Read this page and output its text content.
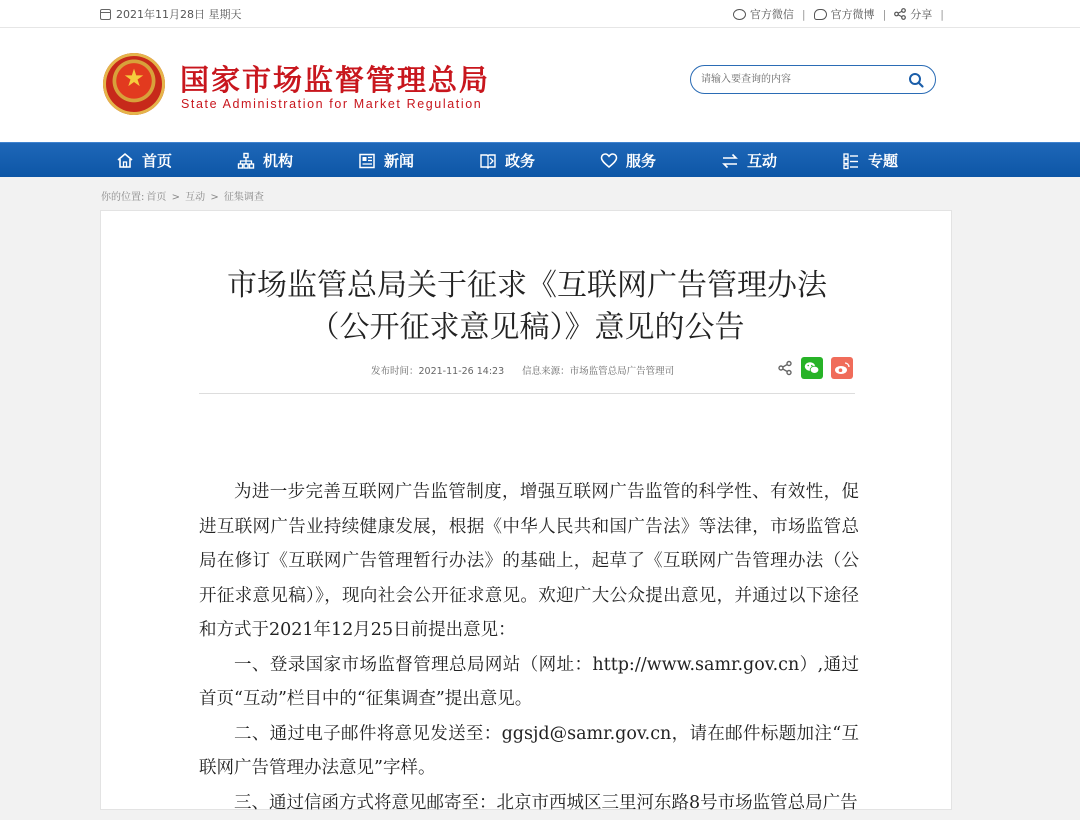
2021年11月28日 星期天	官方微信 | 官方微博 | 分享 |
★
国家市场监督管理总局
State Administration for Market Regulation
请输入要查询的内容
首页	机构	新闻	政务	服务	互动	专题
你的位置: 首页 > 互动 > 征集调查
市场监管总局关于征求《互联网广告管理办法（公开征求意见稿）》意见的公告
发布时间：2021-11-26 14:23 信息来源：市场监管总局广告管理司

为进一步完善互联网广告监管制度，增强互联网广告监管的科学性、有效性，促进互联网广告业持续健康发展，根据《中华人民共和国广告法》等法律，市场监管总局在修订《互联网广告管理暂行办法》的基础上，起草了《互联网广告管理办法（公开征求意见稿）》，现向社会公开征求意见。欢迎广大公众提出意见，并通过以下途径和方式于2021年12月25日前提出意见：

一、登录国家市场监督管理总局网站（网址：http://www.samr.gov.cn）,通过首页“互动”栏目中的“征集调查”提出意见。

二、通过电子邮件将意见发送至：ggsjd@samr.gov.cn，请在邮件标题加注“互联网广告管理办法意见”字样。

三、通过信函方式将意见邮寄至：北京市西城区三里河东路8号市场监管总局广告
